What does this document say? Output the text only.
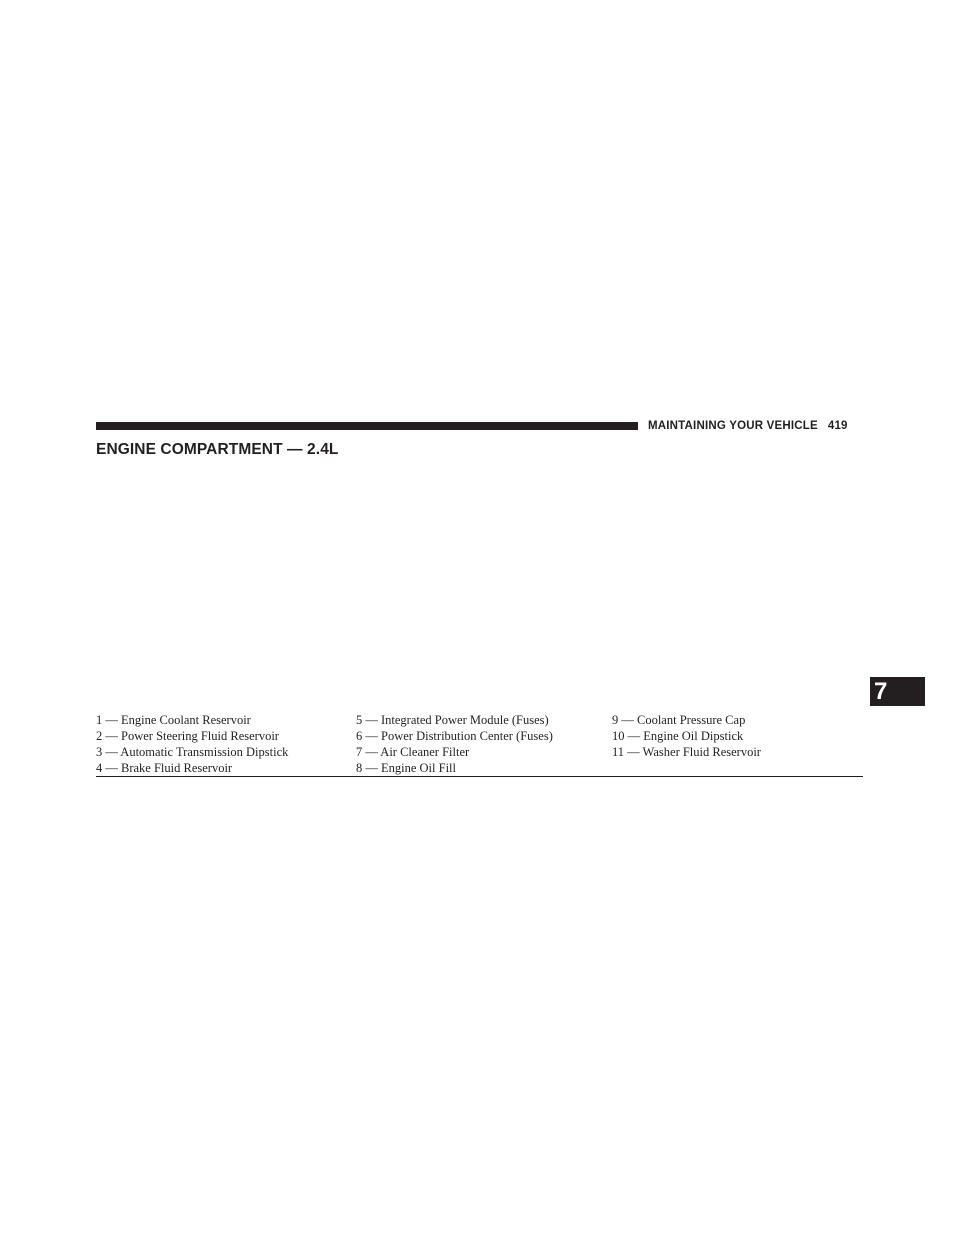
MAINTAINING YOUR VEHICLE 419
ENGINE COMPARTMENT — 2.4L
7
1 — Engine Coolant Reservoir
2 — Power Steering Fluid Reservoir
3 — Automatic Transmission Dipstick
4 — Brake Fluid Reservoir
5 — Integrated Power Module (Fuses)
6 — Power Distribution Center (Fuses)
7 — Air Cleaner Filter
8 — Engine Oil Fill
9 — Coolant Pressure Cap
10 — Engine Oil Dipstick
11 — Washer Fluid Reservoir
